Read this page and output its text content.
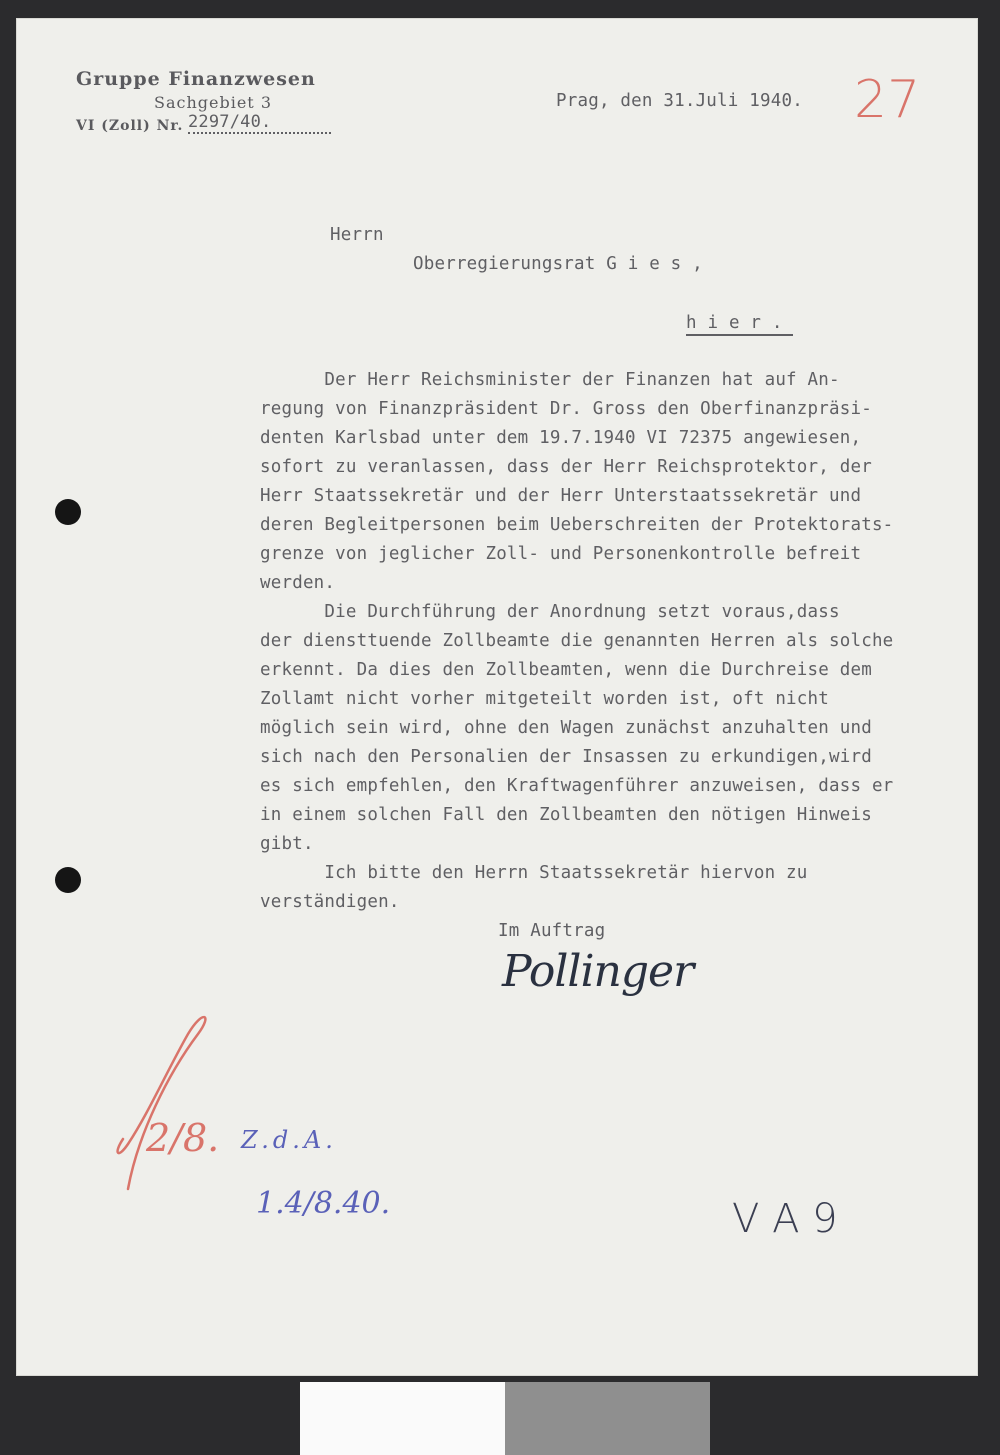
Gruppe Finanzwesen
Sachgebiet 3
VI (Zoll) Nr. 2297/40.
Prag, den 31.Juli 1940. 27
Herrn
Oberregierungsrat G i e s ,
h i e r .
Der Herr Reichsminister der Finanzen hat auf An-
regung von Finanzpräsident Dr. Gross den Oberfinanzpräsi-
denten Karlsbad unter dem 19.7.1940 VI 72375 angewiesen,
sofort zu veranlassen, dass der Herr Reichsprotektor, der
Herr Staatssekretär und der Herr Unterstaatssekretär und
deren Begleitpersonen beim Ueberschreiten der Protektorats-
grenze von jeglicher Zoll- und Personenkontrolle befreit
werden.
Die Durchführung der Anordnung setzt voraus,dass
der diensttuende Zollbeamte die genannten Herren als solche
erkennt. Da dies den Zollbeamten, wenn die Durchreise dem
Zollamt nicht vorher mitgeteilt worden ist, oft nicht
möglich sein wird, ohne den Wagen zunächst anzuhalten und
sich nach den Personalien der Insassen zu erkundigen,wird
es sich empfehlen, den Kraftwagenführer anzuweisen, dass er
in einem solchen Fall den Zollbeamten den nötigen Hinweis
gibt.
Ich bitte den Herrn Staatssekretär hiervon zu
verständigen.
Im Auftrag
Pollinger
2/8. Z.d.A.
1.4/8.40.	V A 9
